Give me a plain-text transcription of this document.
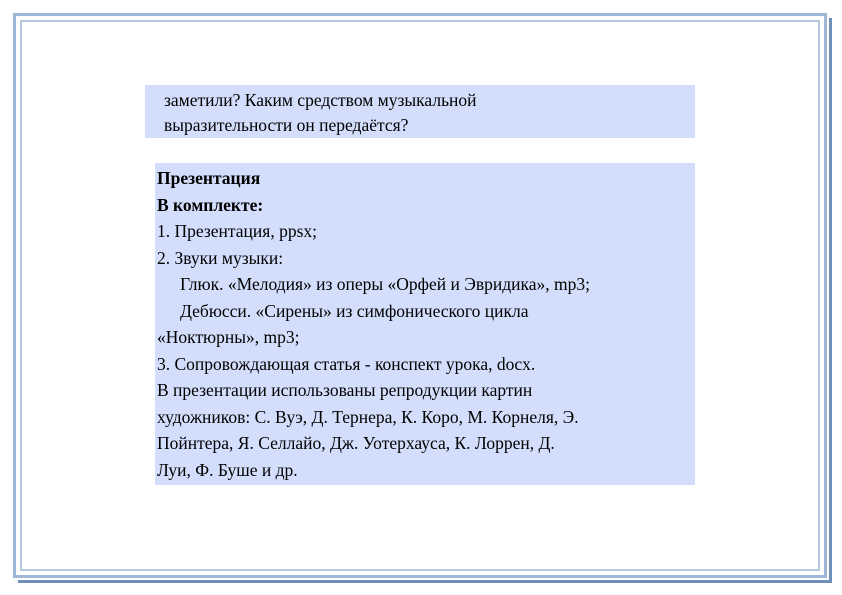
заметили? Каким средством музыкальной
выразительности он передаётся?
Презентация
В комплекте:
1. Презентация, ppsx;
2. Звуки музыки:
Глюк. «Мелодия» из оперы «Орфей и Эвридика», mp3;
Дебюсси. «Сирены» из симфонического цикла
«Ноктюрны», mp3;
3. Сопровождающая статья - конспект урока, docx.
В презентации использованы репродукции картин
художников: С. Вуэ, Д. Тернера, К. Коро, М. Корнеля, Э.
Пойнтера, Я. Селлайо, Дж. Уотерхауса, К. Лоррен, Д.
Луи, Ф. Буше и др.
